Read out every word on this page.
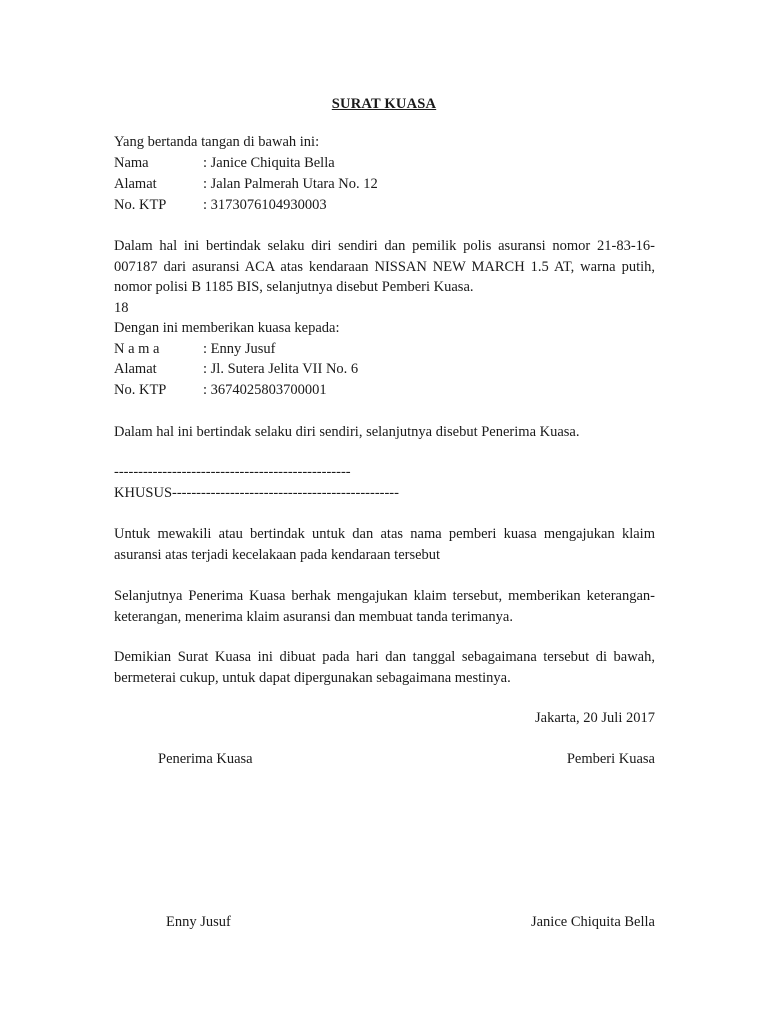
SURAT KUASA
Yang bertanda tangan di bawah ini:
Nama	: Janice Chiquita Bella
Alamat	: Jalan Palmerah Utara No. 12
No. KTP	: 3173076104930003
Dalam hal ini bertindak selaku diri sendiri dan pemilik polis asuransi nomor 21-83-16-007187 dari asuransi ACA atas kendaraan NISSAN NEW MARCH 1.5 AT, warna putih, nomor polisi B 1185 BIS, selanjutnya disebut Pemberi Kuasa.
18
Dengan ini memberikan kuasa kepada:
N a m a	: Enny Jusuf
Alamat	: Jl. Sutera Jelita VII No. 6
No. KTP	: 3674025803700001
Dalam hal ini bertindak selaku diri sendiri, selanjutnya disebut Penerima Kuasa.
-------------------------------------------------
KHUSUS-----------------------------------------------
Untuk mewakili atau bertindak untuk dan atas nama pemberi kuasa mengajukan klaim asuransi atas terjadi kecelakaan pada kendaraan tersebut
Selanjutnya Penerima Kuasa berhak mengajukan klaim tersebut, memberikan keterangan-keterangan, menerima klaim asuransi dan membuat tanda terimanya.
Demikian Surat Kuasa ini dibuat pada hari dan tanggal sebagaimana tersebut di bawah, bermeterai cukup, untuk dapat dipergunakan sebagaimana mestinya.
Jakarta, 20 Juli 2017
Penerima Kuasa	Pemberi Kuasa
Enny Jusuf	Janice Chiquita Bella
